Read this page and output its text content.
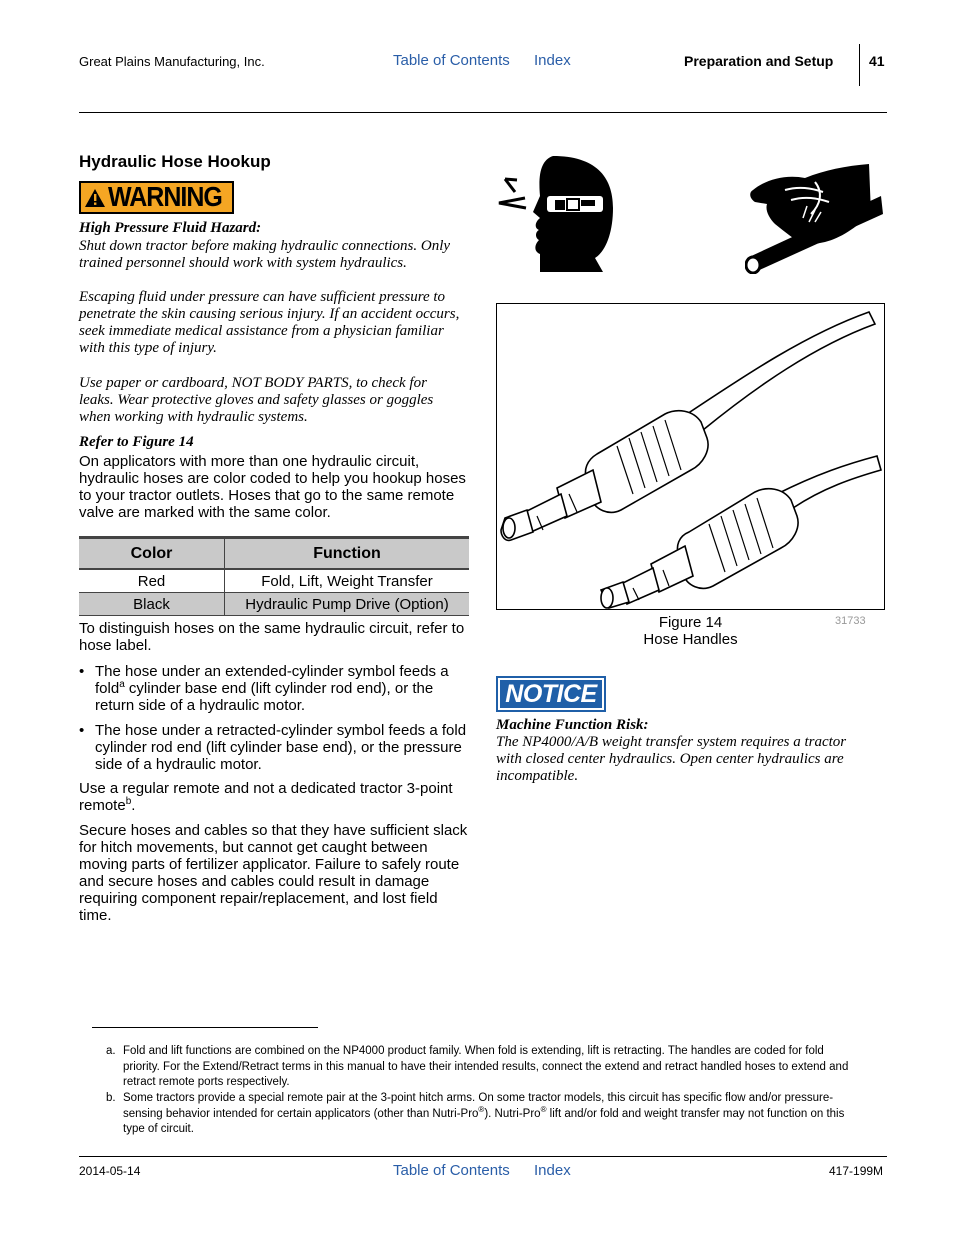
Great Plains Manufacturing, Inc.	Table of Contents Index	Preparation and Setup	41
Hydraulic Hose Hookup
WARNING
High Pressure Fluid Hazard:
Shut down tractor before making hydraulic connections. Only trained personnel should work with system hydraulics.
Escaping fluid under pressure can have sufficient pressure to penetrate the skin causing serious injury. If an accident occurs, seek immediate medical assistance from a physician familiar with this type of injury.
Use paper or cardboard, NOT BODY PARTS, to check for leaks. Wear protective gloves and safety glasses or goggles when working with hydraulic systems.
Refer to Figure 14
On applicators with more than one hydraulic circuit, hydraulic hoses are color coded to help you hookup hoses to your tractor outlets. Hoses that go to the same remote valve are marked with the same color.
Color	Function
Red	Fold, Lift, Weight Transfer
Black	Hydraulic Pump Drive (Option)
To distinguish hoses on the same hydraulic circuit, refer to hose label.
• The hose under an extended-cylinder symbol feeds a fold$^a$ cylinder base end (lift cylinder rod end), or the return side of a hydraulic motor.
• The hose under a retracted-cylinder symbol feeds a fold cylinder rod end (lift cylinder base end), or the pressure side of a hydraulic motor.
Use a regular remote and not a dedicated tractor 3-point remote$^b$.
Secure hoses and cables so that they have sufficient slack for hitch movements, but cannot get caught between moving parts of fertilizer applicator. Failure to safely route and secure hoses and cables could result in damage requiring component repair/replacement, and lost field time.
Figure 14
Hose Handles
31733
NOTICE
Machine Function Risk:
The NP4000/A/B weight transfer system requires a tractor with closed center hydraulics. Open center hydraulics are incompatible.
a. Fold and lift functions are combined on the NP4000 product family. When fold is extending, lift is retracting. The handles are coded for fold priority. For the Extend/Retract terms in this manual to have their intended results, connect the extend and retract handled hoses to extend and retract remote ports respectively.
b. Some tractors provide a special remote pair at the 3-point hitch arms. On some tractor models, this circuit has specific flow and/or pressure-sensing behavior intended for certain applicators (other than Nutri-Pro®). Nutri-Pro® lift and/or fold and weight transfer may not function on this type of circuit.
2014-05-14	Table of Contents Index	417-199M
